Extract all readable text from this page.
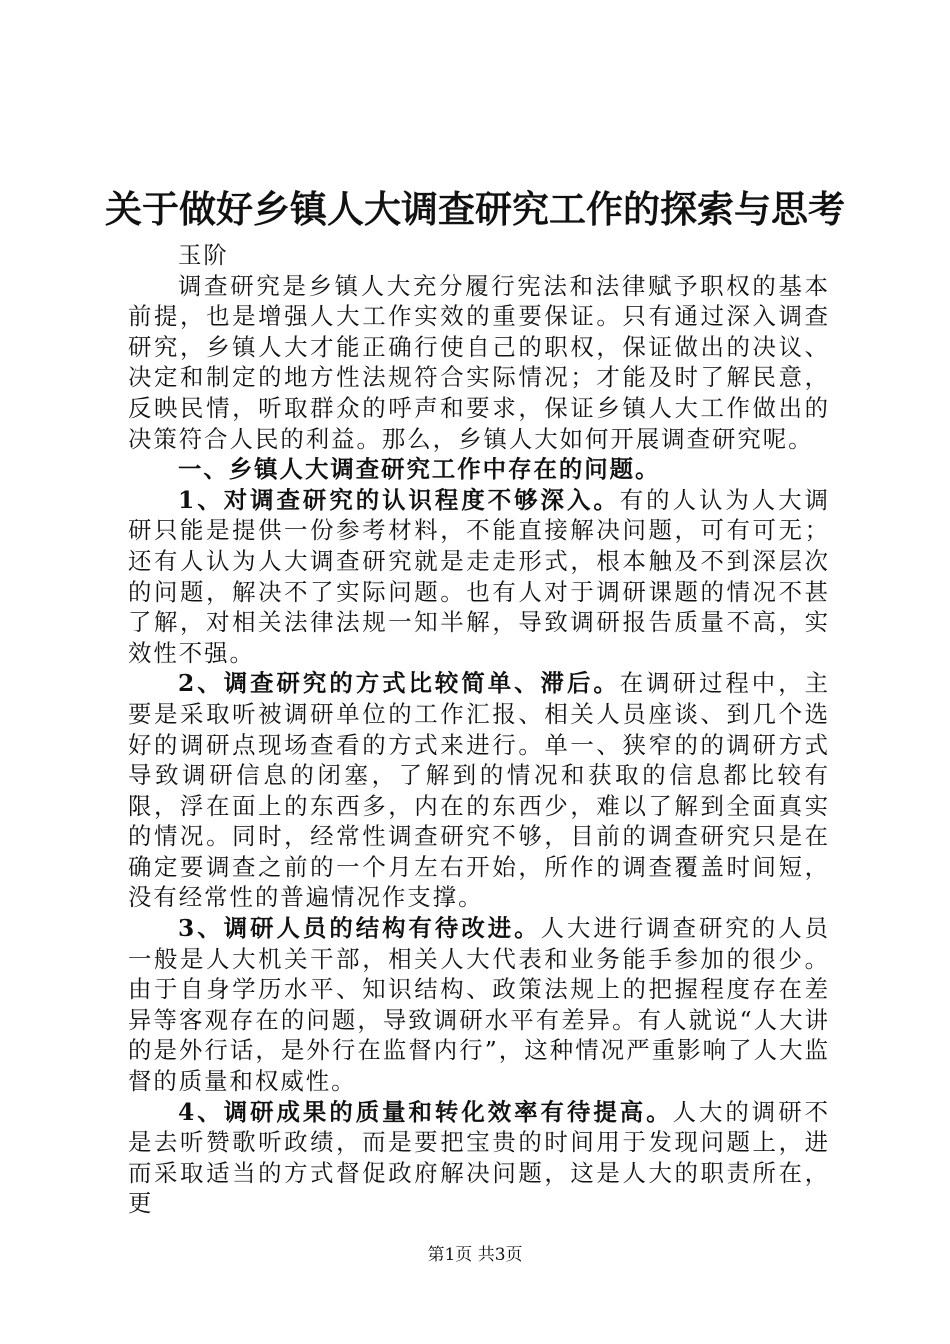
关于做好乡镇人大调查研究工作的探索与思考

玉阶

调查研究是乡镇人大充分履行宪法和法律赋予职权的基本前提，也是增强人大工作实效的重要保证。只有通过深入调查研究，乡镇人大才能正确行使自己的职权，保证做出的决议、决定和制定的地方性法规符合实际情况；才能及时了解民意，反映民情，听取群众的呼声和要求，保证乡镇人大工作做出的决策符合人民的利益。那么，乡镇人大如何开展调查研究呢。

一、乡镇人大调查研究工作中存在的问题。

1、对调查研究的认识程度不够深入。有的人认为人大调研只能是提供一份参考材料，不能直接解决问题，可有可无；还有人认为人大调查研究就是走走形式，根本触及不到深层次的问题，解决不了实际问题。也有人对于调研课题的情况不甚了解，对相关法律法规一知半解，导致调研报告质量不高，实效性不强。

2、调查研究的方式比较简单、滞后。在调研过程中，主要是采取听被调研单位的工作汇报、相关人员座谈、到几个选好的调研点现场查看的方式来进行。单一、狭窄的的调研方式导致调研信息的闭塞，了解到的情况和获取的信息都比较有限，浮在面上的东西多，内在的东西少，难以了解到全面真实的情况。同时，经常性调查研究不够，目前的调查研究只是在确定要调查之前的一个月左右开始，所作的调查覆盖时间短，没有经常性的普遍情况作支撑。

3、调研人员的结构有待改进。人大进行调查研究的人员一般是人大机关干部，相关人大代表和业务能手参加的很少。由于自身学历水平、知识结构、政策法规上的把握程度存在差异等客观存在的问题，导致调研水平有差异。有人就说“人大讲的是外行话，是外行在监督内行”，这种情况严重影响了人大监督的质量和权威性。

4、调研成果的质量和转化效率有待提高。人大的调研不是去听赞歌听政绩，而是要把宝贵的时间用于发现问题上，进而采取适当的方式督促政府解决问题，这是人大的职责所在，更

第1页 共3页
